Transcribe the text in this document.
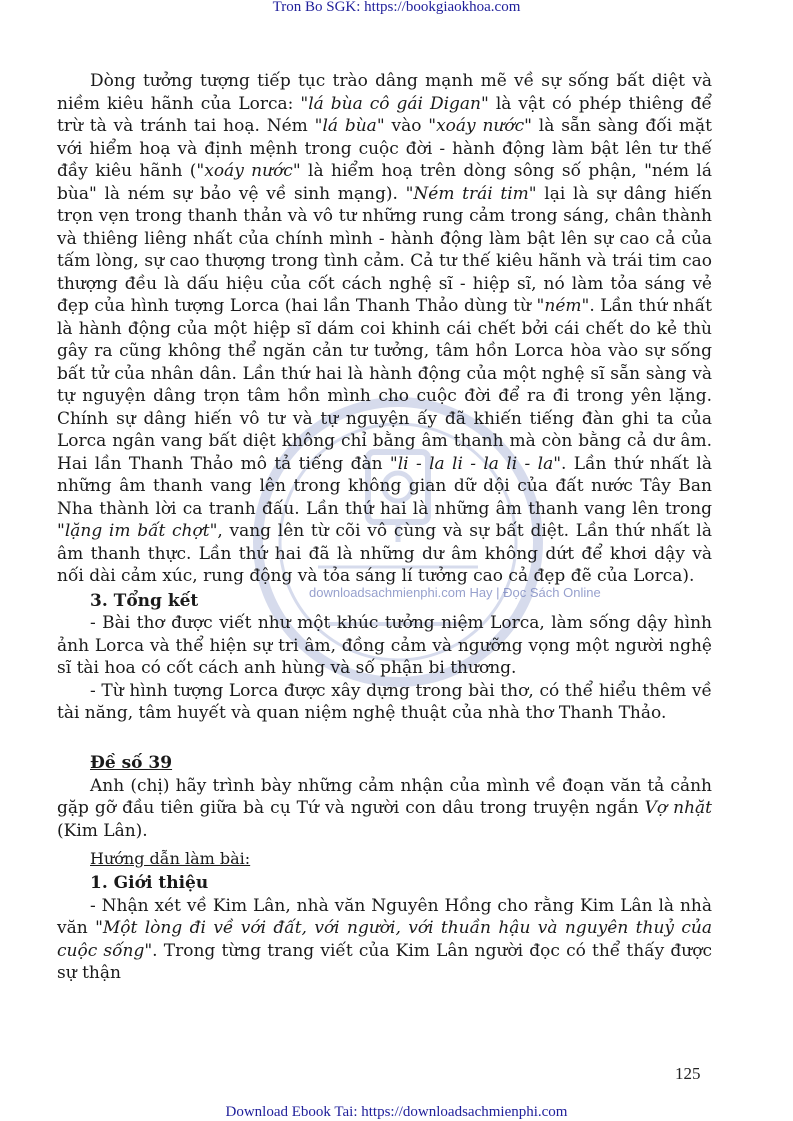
Tron Bo SGK: https://bookgiaokhoa.com

Dòng tưởng tượng tiếp tục trào dâng mạnh mẽ về sự sống bất diệt và niềm kiêu hãnh của Lorca: "lá bùa cô gái Digan" là vật có phép thiêng để trừ tà và tránh tai hoạ. Ném "lá bùa" vào "xoáy nước" là sẵn sàng đối mặt với hiểm hoạ và định mệnh trong cuộc đời - hành động làm bật lên tư thế đầy kiêu hãnh ("xoáy nước" là hiểm hoạ trên dòng sông số phận, "ném lá bùa" là ném sự bảo vệ về sinh mạng). "Ném trái tim" lại là sự dâng hiến trọn vẹn trong thanh thản và vô tư những rung cảm trong sáng, chân thành và thiêng liêng nhất của chính mình - hành động làm bật lên sự cao cả của tấm lòng, sự cao thượng trong tình cảm. Cả tư thế kiêu hãnh và trái tim cao thượng đều là dấu hiệu của cốt cách nghệ sĩ - hiệp sĩ, nó làm tỏa sáng vẻ đẹp của hình tượng Lorca (hai lần Thanh Thảo dùng từ "ném". Lần thứ nhất là hành động của một hiệp sĩ dám coi khinh cái chết bởi cái chết do kẻ thù gây ra cũng không thể ngăn cản tư tưởng, tâm hồn Lorca hòa vào sự sống bất tử của nhân dân. Lần thứ hai là hành động của một nghệ sĩ sẵn sàng và tự nguyện dâng trọn tâm hồn mình cho cuộc đời để ra đi trong yên lặng. Chính sự dâng hiến vô tư và tự nguyện ấy đã khiến tiếng đàn ghi ta của Lorca ngân vang bất diệt không chỉ bằng âm thanh mà còn bằng cả dư âm. Hai lần Thanh Thảo mô tả tiếng đàn "li - la li - la li - la". Lần thứ nhất là những âm thanh vang lên trong không gian dữ dội của đất nước Tây Ban Nha thành lời ca tranh đấu. Lần thứ hai là những âm thanh vang lên trong "lặng im bất chợt", vang lên từ cõi vô cùng và sự bất diệt. Lần thứ nhất là âm thanh thực. Lần thứ hai đã là những dư âm không dứt để khơi dậy và nối dài cảm xúc, rung động và tỏa sáng lí tưởng cao cả đẹp đẽ của Lorca).

3. Tổng kết

- Bài thơ được viết như một khúc tưởng niệm Lorca, làm sống dậy hình ảnh Lorca và thể hiện sự tri âm, đồng cảm và ngưỡng vọng một người nghệ sĩ tài hoa có cốt cách anh hùng và số phận bi thương.

- Từ hình tượng Lorca được xây dựng trong bài thơ, có thể hiểu thêm về tài năng, tâm huyết và quan niệm nghệ thuật của nhà thơ Thanh Thảo.

Đề số 39

Anh (chị) hãy trình bày những cảm nhận của mình về đoạn văn tả cảnh gặp gỡ đầu tiên giữa bà cụ Tứ và người con dâu trong truyện ngắn Vợ nhặt (Kim Lân).

Hướng dẫn làm bài:
1. Giới thiệu

- Nhận xét về Kim Lân, nhà văn Nguyên Hồng cho rằng Kim Lân là nhà văn "Một lòng đi về với đất, với người, với thuần hậu và nguyên thuỷ của cuộc sống". Trong từng trang viết của Kim Lân người đọc có thể thấy được sự thận

downloadsachmienphi.com Hay | Đọc Sách Online
125
Download Ebook Tai: https://downloadsachmienphi.com
